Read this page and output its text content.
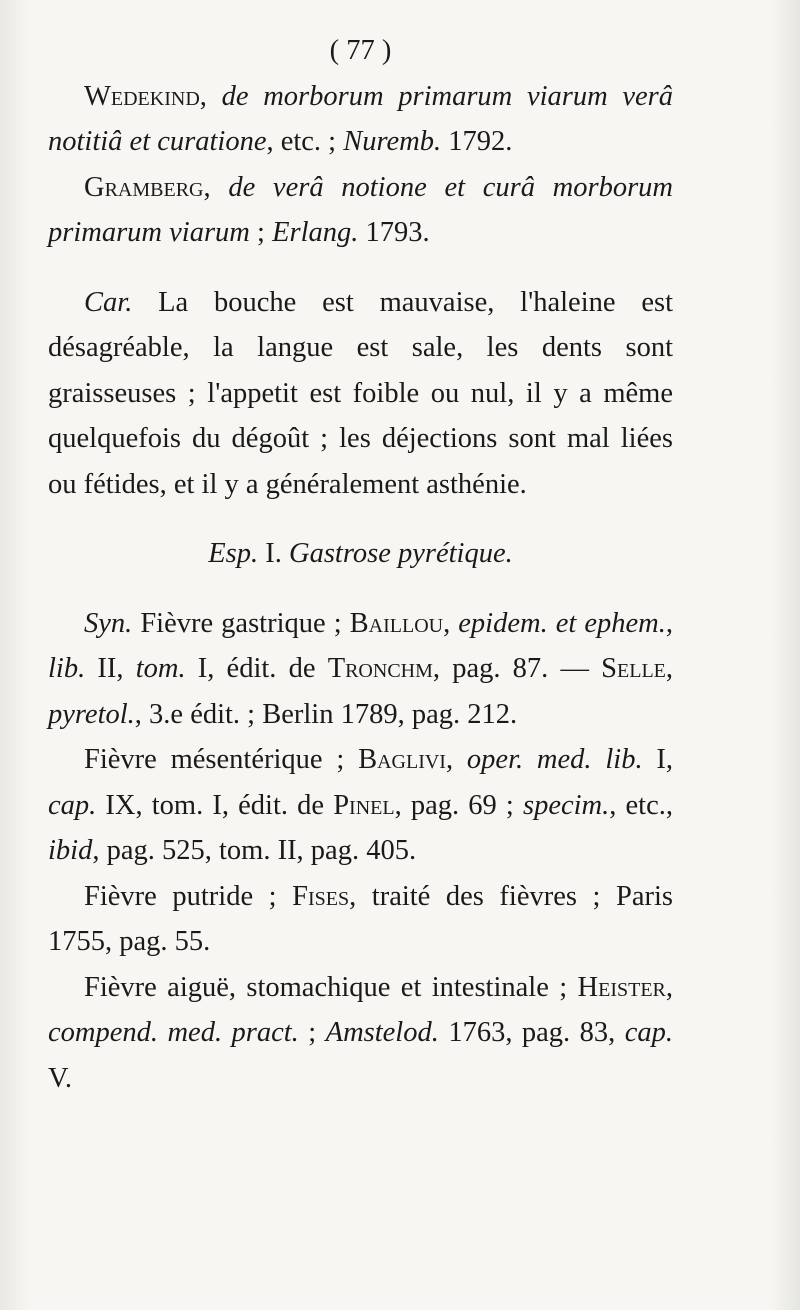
( 77 )

Wedekind, de morborum primarum viarum verâ notitiâ et curatione, etc. ; Nuremb. 1792.

Gramberg, de verâ notione et curâ morborum primarum viarum ; Erlang. 1793.

Car. La bouche est mauvaise, l'haleine est désagréable, la langue est sale, les dents sont graisseuses ; l'appetit est foible ou nul, il y a même quelquefois du dégoût ; les déjections sont mal liées ou fétides, et il y a généralement asthénie.

Esp. I. Gastrose pyrétique.

Syn. Fièvre gastrique ; Baillou, epidem. et ephem., lib. II, tom. I, édit. de Tronchm, pag. 87. — Selle, pyretol., 3.e édit. ; Berlin 1789, pag. 212.

Fièvre mésentérique ; Baglivi, oper. med. lib. I, cap. IX, tom. I, édit. de Pinel, pag. 69 ; specim., etc., ibid, pag. 525, tom. II, pag. 405.

Fièvre putride ; Fises, traité des fièvres ; Paris 1755, pag. 55.

Fièvre aiguë, stomachique et intestinale ; Heister, compend. med. pract. ; Amstelod. 1763, pag. 83, cap. V.
